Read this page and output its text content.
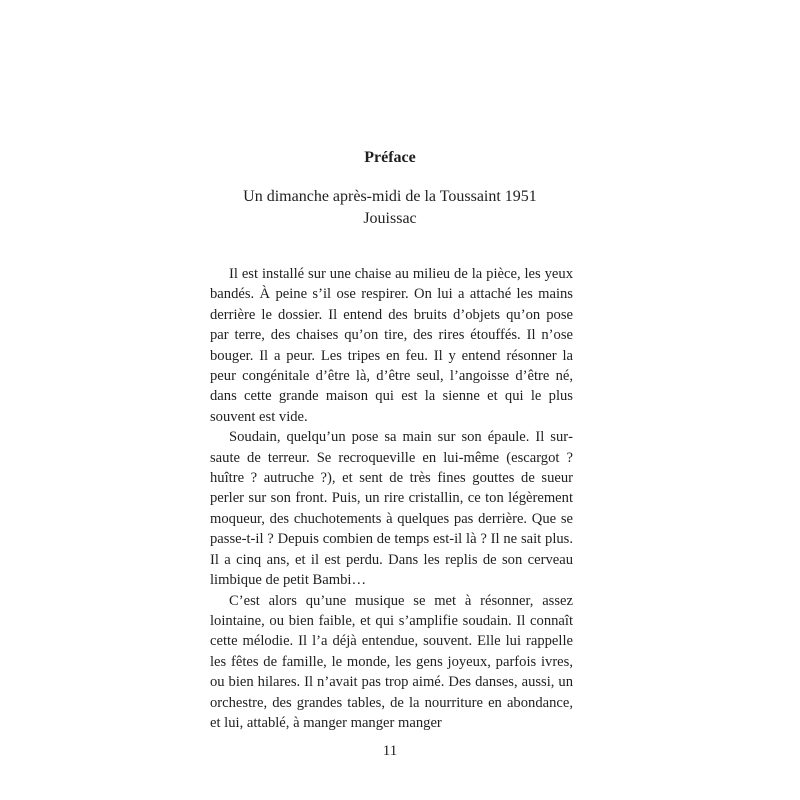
Préface
Un dimanche après-midi de la Toussaint 1951
Jouissac

Il est installé sur une chaise au milieu de la pièce, les yeux bandés. À peine s’il ose respirer. On lui a attaché les mains derrière le dossier. Il entend des bruits d’objets qu’on pose par terre, des chaises qu’on tire, des rires étouffés. Il n’ose bouger. Il a peur. Les tripes en feu. Il y entend résonner la peur congénitale d’être là, d’être seul, l’angoisse d’être né, dans cette grande maison qui est la sienne et qui le plus souvent est vide.

Soudain, quelqu’un pose sa main sur son épaule. Il sursaute de terreur. Se recroqueville en lui-même (escargot ? huître ? autruche ?), et sent de très fines gouttes de sueur perler sur son front. Puis, un rire cristallin, ce ton légèrement moqueur, des chuchotements à quelques pas derrière. Que se passe-t-il ? Depuis combien de temps est-il là ? Il ne sait plus. Il a cinq ans, et il est perdu. Dans les replis de son cerveau limbique de petit Bambi…

C’est alors qu’une musique se met à résonner, assez lointaine, ou bien faible, et qui s’amplifie soudain. Il connaît cette mélodie. Il l’a déjà entendue, souvent. Elle lui rappelle les fêtes de famille, le monde, les gens joyeux, parfois ivres, ou bien hilares. Il n’avait pas trop aimé. Des danses, aussi, un orchestre, des grandes tables, de la nourriture en abondance, et lui, attablé, à manger manger manger

11
